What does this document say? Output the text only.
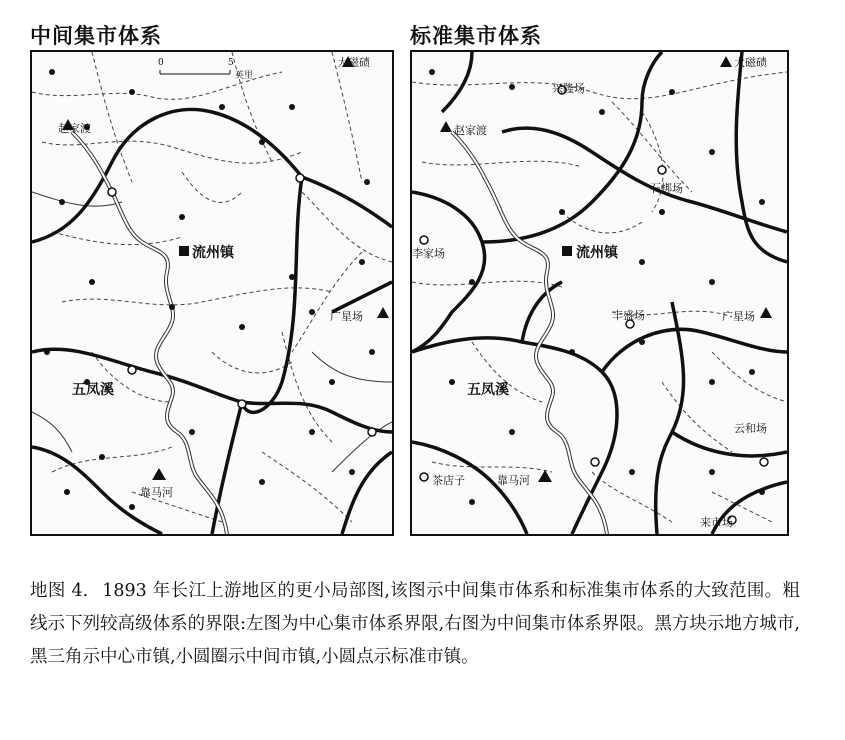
中间集市体系	标准集市体系
0	5
英里
大磁碛
赵家渡
流州镇
广星场
五凤溪
靠马河
大磁碛
兴隆场
赵家渡
石梆场
李家场	流州镇
丰盛场	广星场
五凤溪
云和场
茶店子	靠马河
来市场
地图 4. 1893 年长江上游地区的更小局部图,该图示中间集市体系和标准集市体系的大致范围。粗线示下列较高级体系的界限:左图为中心集市体系界限,右图为中间集市体系界限。黑方块示地方城市,黑三角示中心市镇,小圆圈示中间市镇,小圆点示标准市镇。
